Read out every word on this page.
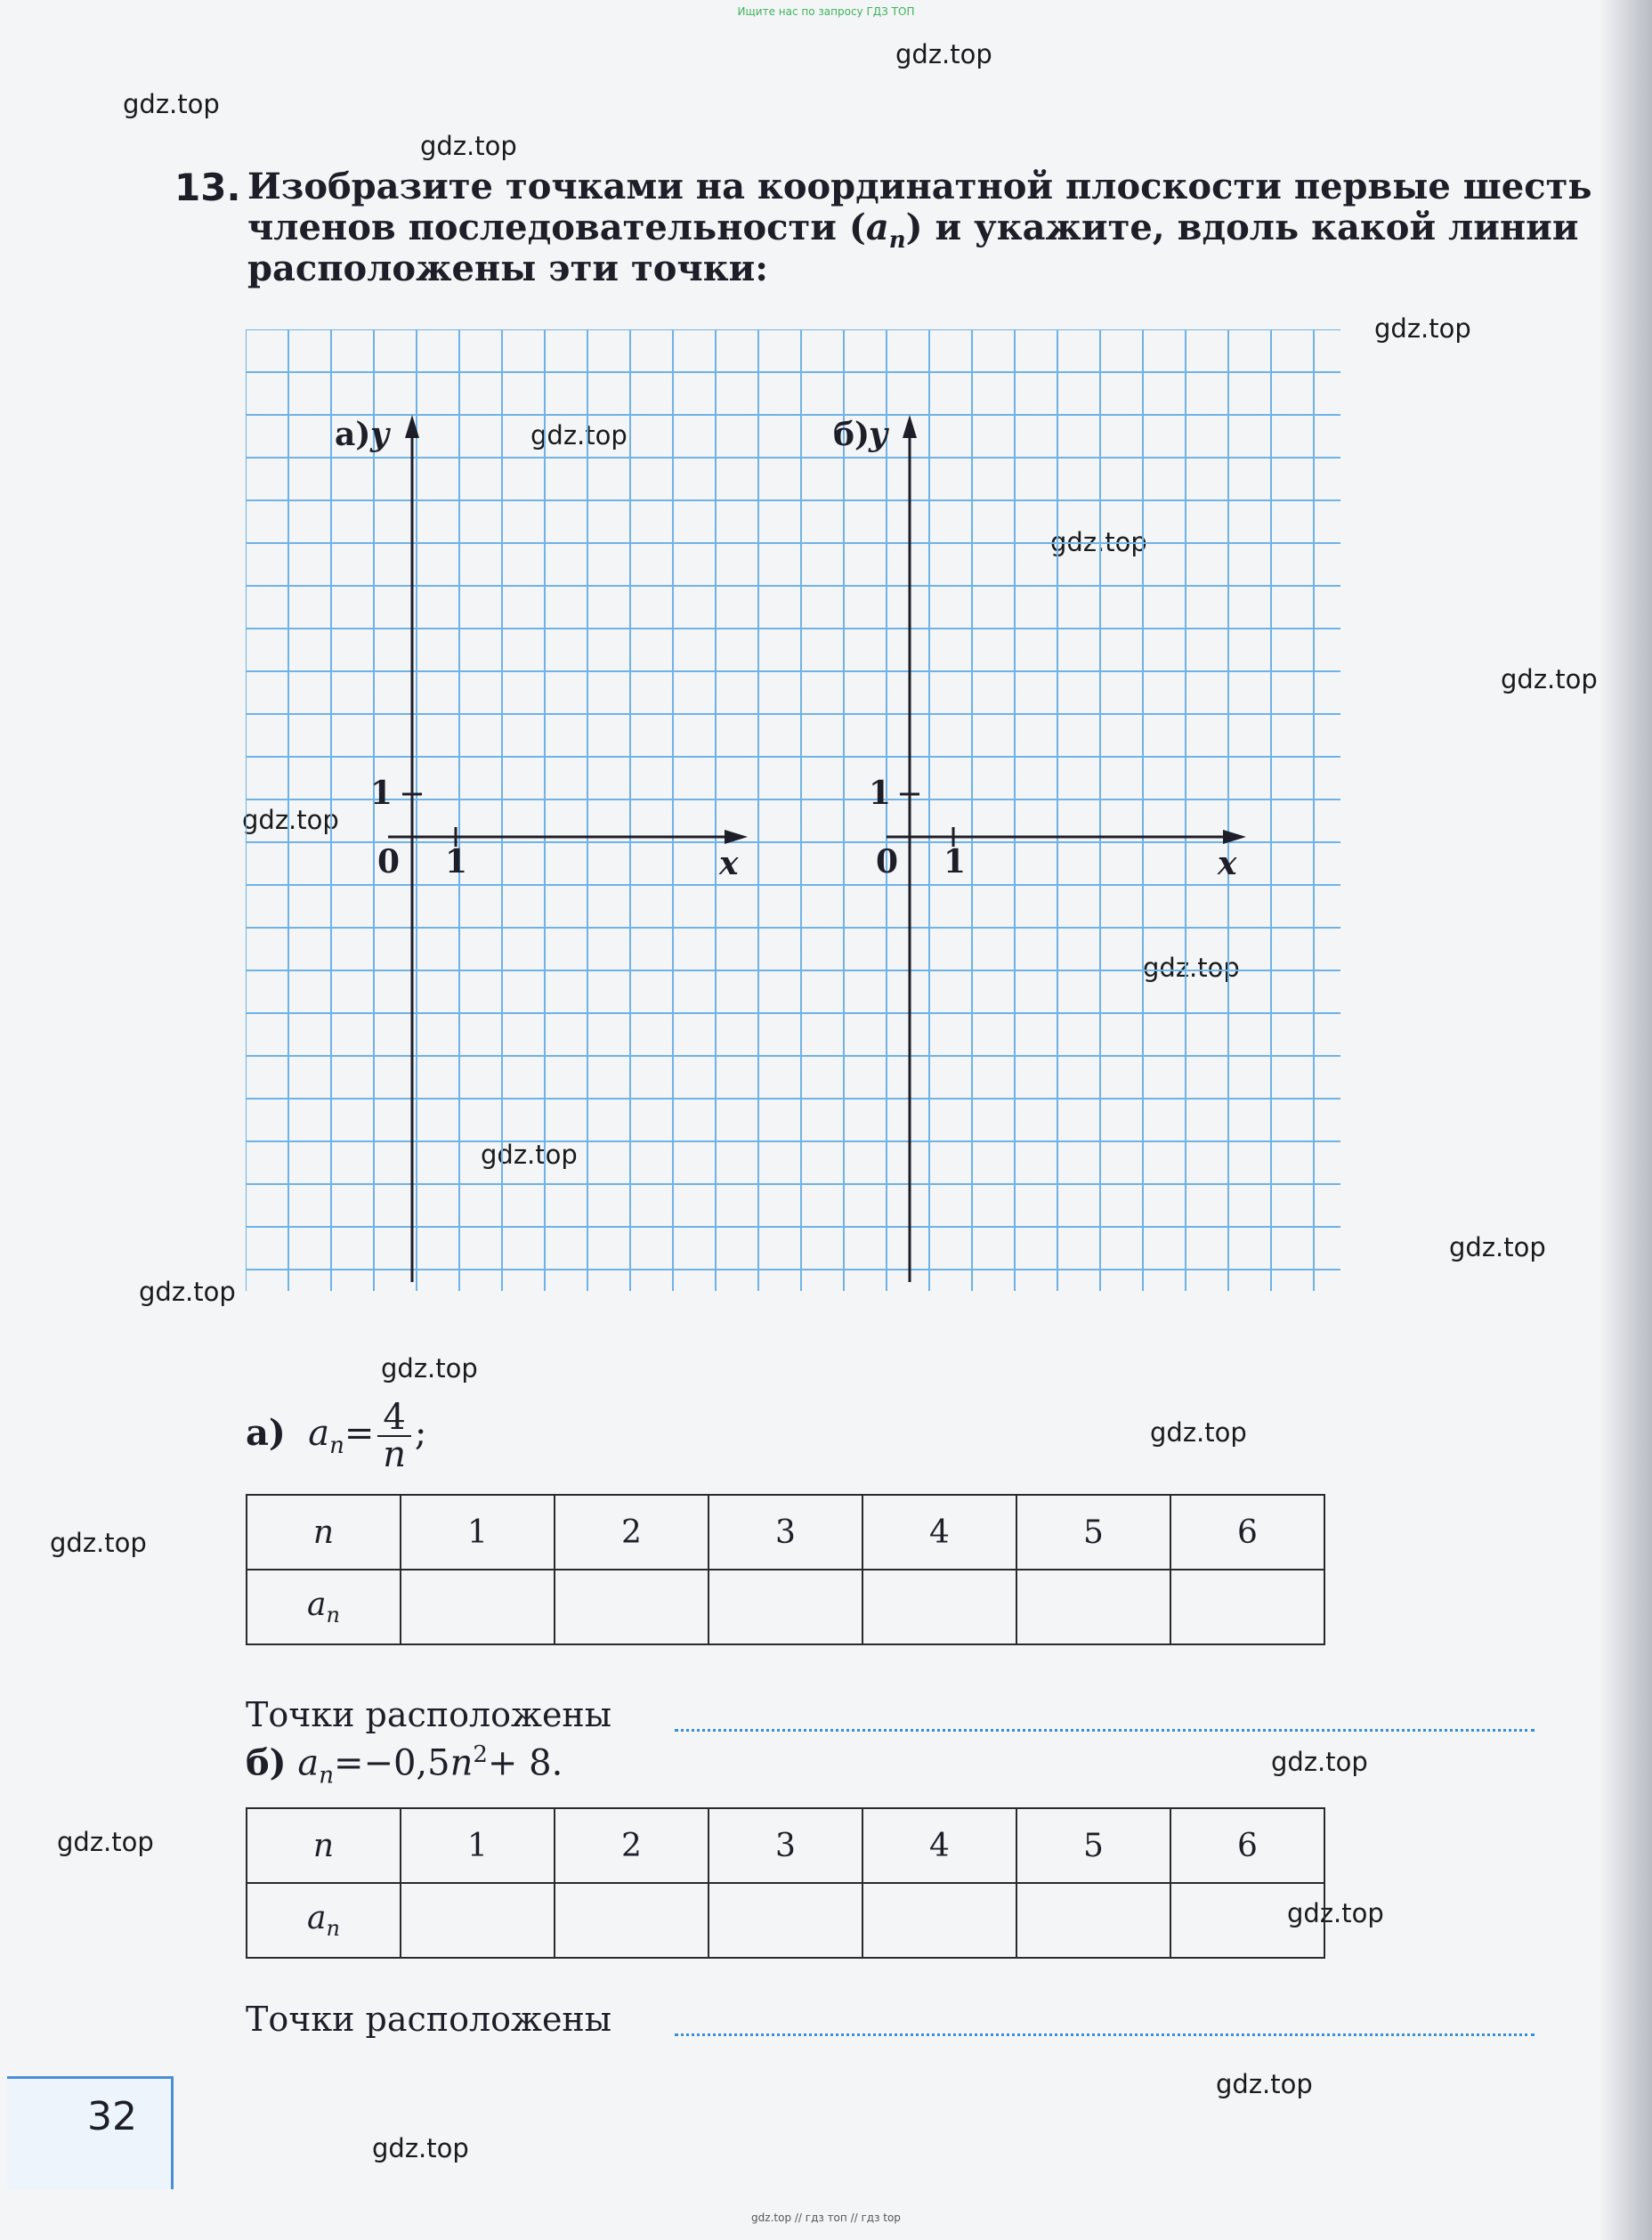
Ищите нас по запросу ГДЗ ТОП
gdz.top
gdz.top
gdz.top
gdz.top
gdz.top
gdz.top
gdz.top
gdz.top
gdz.top
gdz.top
gdz.top
gdz.top
gdz.top
gdz.top
gdz.top
gdz.top
gdz.top
gdz.top
gdz.top
gdz.top
13. Изобразите точками на координатной плоскости первые шесть
членов последовательности $(a_n)$ и укажите, вдоль какой линии
расположены эти точки:
а) y
1
0 1	x
б)
y
1
0 1	x
а) $a_n= \frac{4}{n}$ ;
n	1	2	3	4	5	6
$a_n$						
Точки расположены
б) $a_n=-0,5n^2+ 8$.
n	1	2	3	4	5	6
$a_n$						
Точки расположены
32
gdz.top // гдз топ // гдз top
